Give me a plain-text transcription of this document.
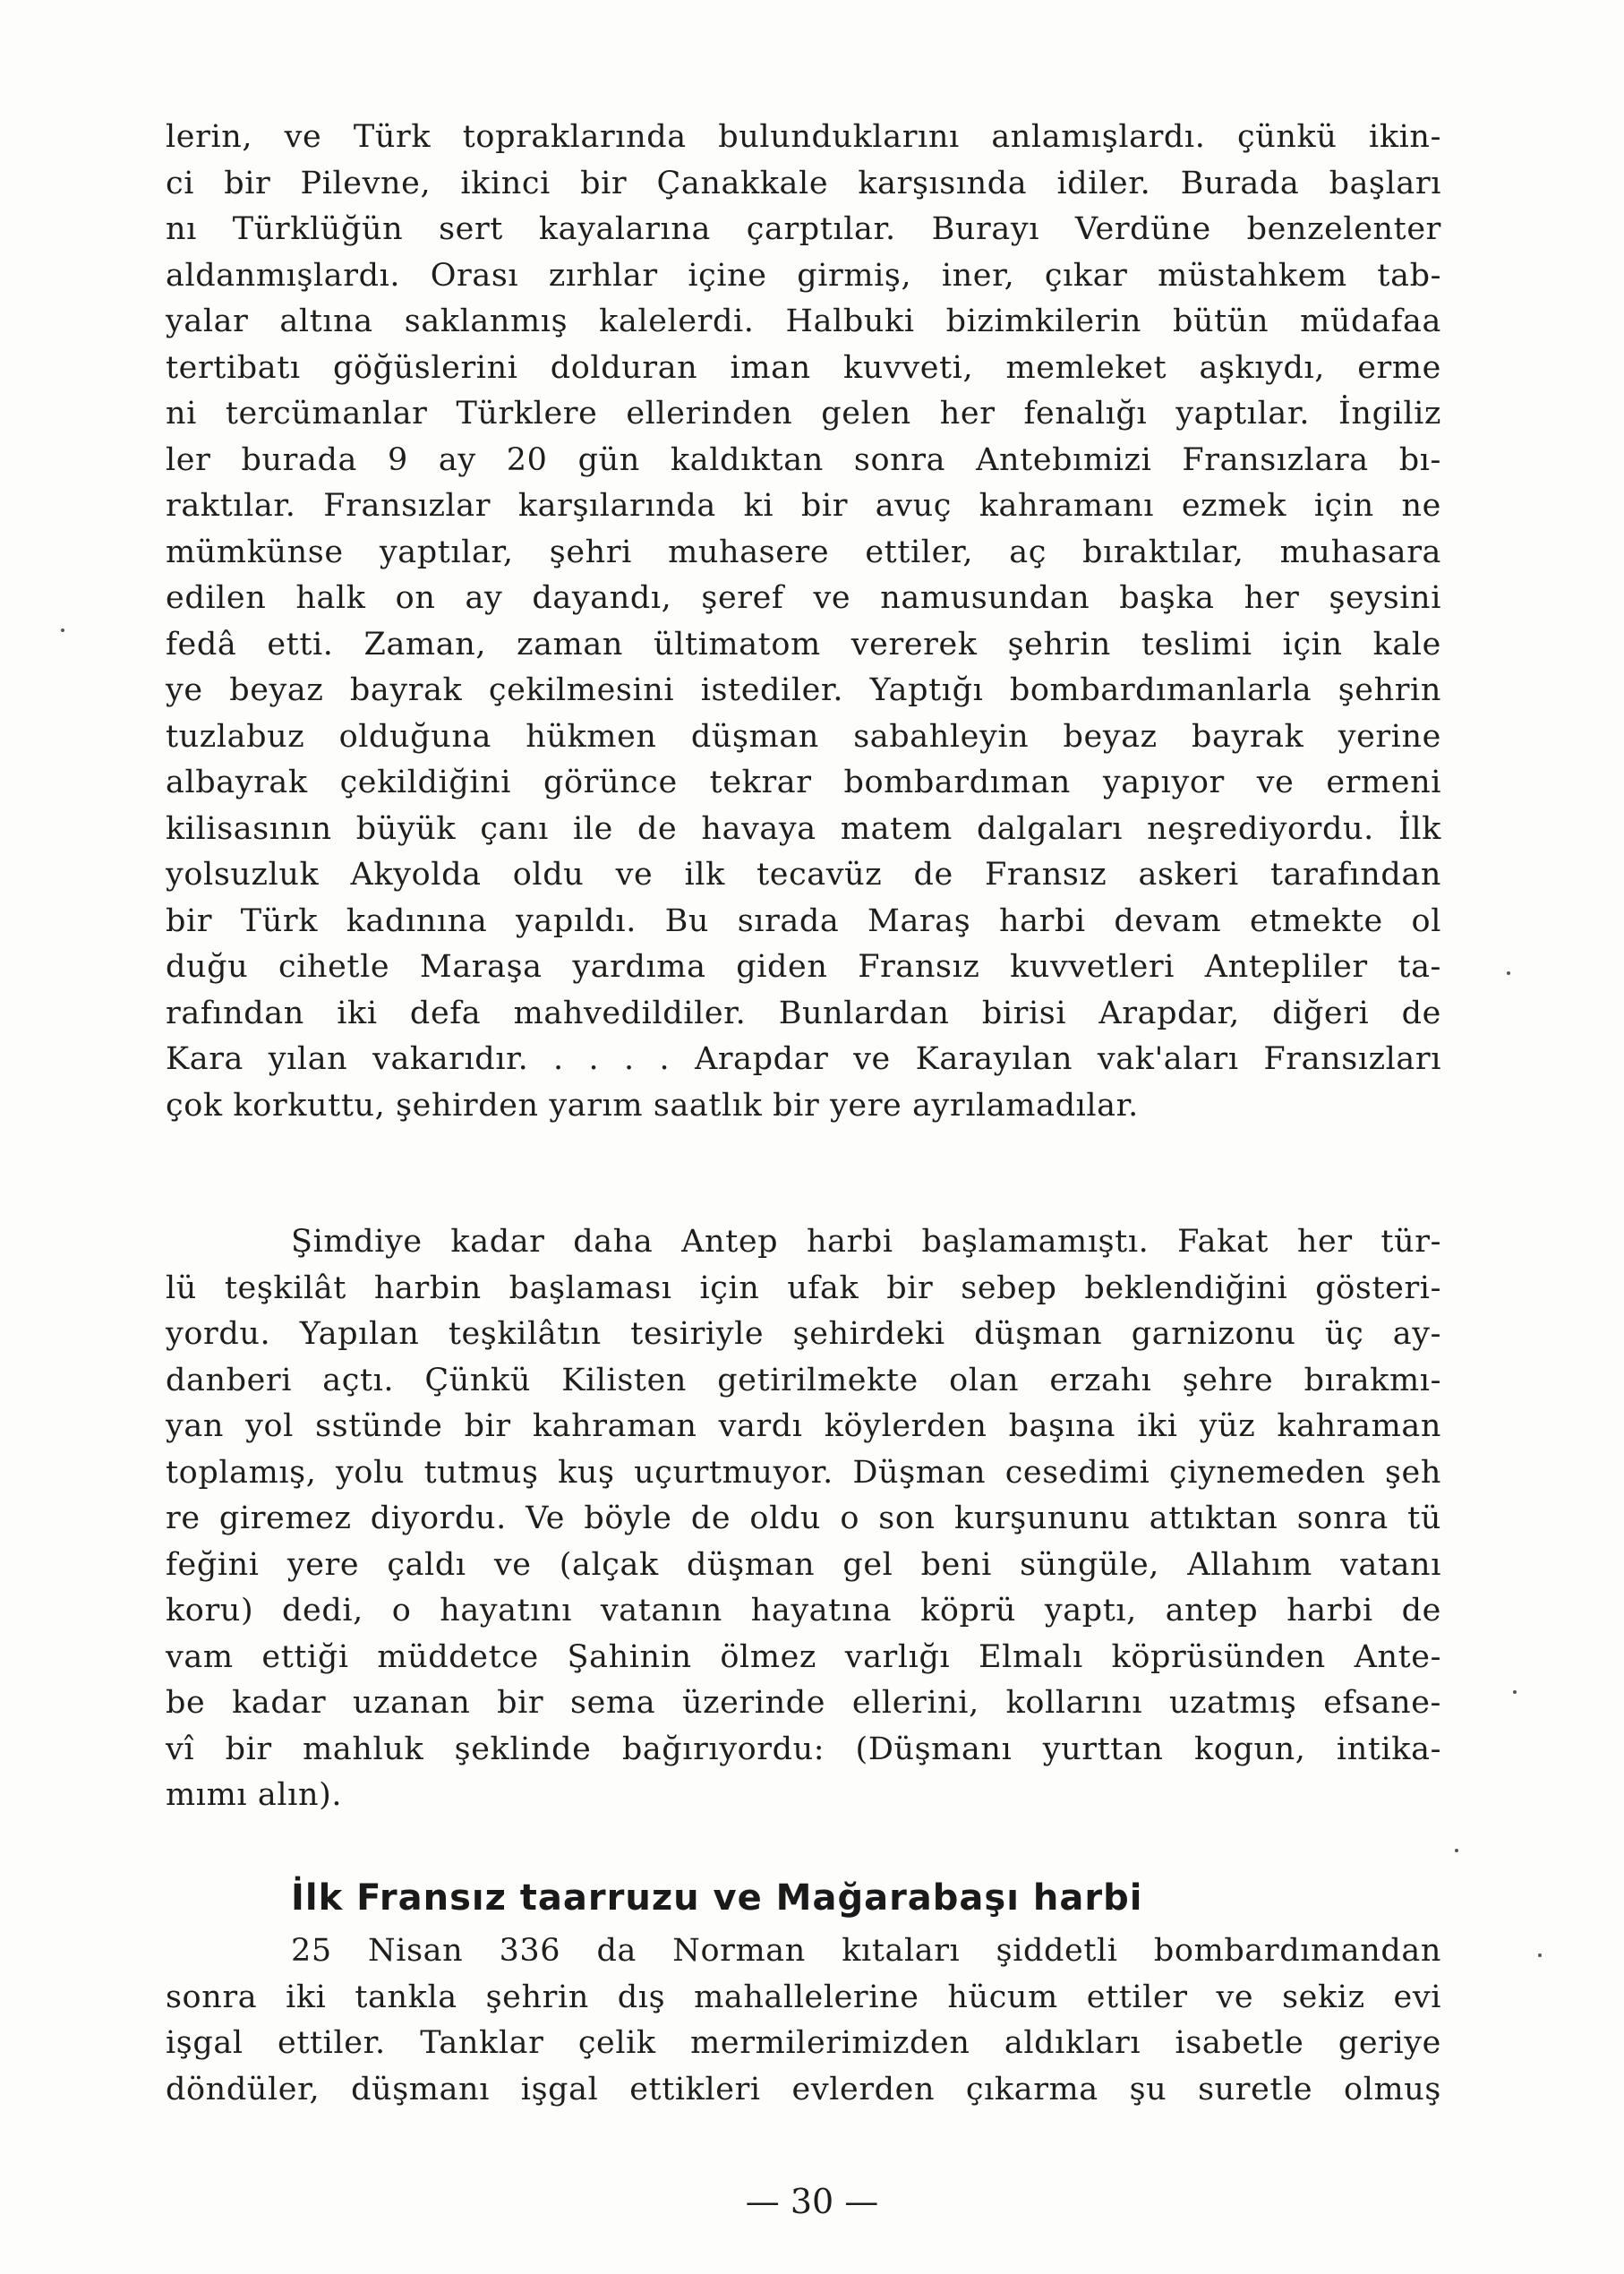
lerin, ve Türk topraklarında bulunduklarını anlamışlardı. çünkü ikin-
ci bir Pilevne, ikinci bir Çanakkale karşısında idiler. Burada başları
nı Türklüğün sert kayalarına çarptılar. Burayı Verdüne benzelenter
aldanmışlardı. Orası zırhlar içine girmiş, iner, çıkar müstahkem tab-
yalar altına saklanmış kalelerdi. Halbuki bizimkilerin bütün müdafaa
tertibatı göğüslerini dolduran iman kuvveti, memleket aşkıydı, erme
ni tercümanlar Türklere ellerinden gelen her fenalığı yaptılar. İngiliz
ler burada 9 ay 20 gün kaldıktan sonra Antebımizi Fransızlara bı-
raktılar. Fransızlar karşılarında ki bir avuç kahramanı ezmek için ne
mümkünse yaptılar, şehri muhasere ettiler, aç bıraktılar, muhasara
edilen halk on ay dayandı, şeref ve namusundan başka her şeysini
fedâ etti. Zaman, zaman ültimatom vererek şehrin teslimi için kale
ye beyaz bayrak çekilmesini istediler. Yaptığı bombardımanlarla şehrin
tuzlabuz olduğuna hükmen düşman sabahleyin beyaz bayrak yerine
albayrak çekildiğini görünce tekrar bombardıman yapıyor ve ermeni
kilisasının büyük çanı ile de havaya matem dalgaları neşrediyordu. İlk
yolsuzluk Akyolda oldu ve ilk tecavüz de Fransız askeri tarafından
bir Türk kadınına yapıldı. Bu sırada Maraş harbi devam etmekte ol
duğu cihetle Maraşa yardıma giden Fransız kuvvetleri Antepliler ta-
rafından iki defa mahvedildiler. Bunlardan birisi Arapdar, diğeri de
Kara yılan vakarıdır. . . . . Arapdar ve Karayılan vak'aları Fransızları
çok korkuttu, şehirden yarım saatlık bir yere ayrılamadılar.
Şimdiye kadar daha Antep harbi başlamamıştı. Fakat her tür-
lü teşkilât harbin başlaması için ufak bir sebep beklendiğini gösteri-
yordu. Yapılan teşkilâtın tesiriyle şehirdeki düşman garnizonu üç ay-
danberi açtı. Çünkü Kilisten getirilmekte olan erzahı şehre bırakmı-
yan yol sstünde bir kahraman vardı köylerden başına iki yüz kahraman
toplamış, yolu tutmuş kuş uçurtmuyor. Düşman cesedimi çiynemeden şeh
re giremez diyordu. Ve böyle de oldu o son kurşununu attıktan sonra tü
feğini yere çaldı ve (alçak düşman gel beni süngüle, Allahım vatanı
koru) dedi, o hayatını vatanın hayatına köprü yaptı, antep harbi de
vam ettiği müddetce Şahinin ölmez varlığı Elmalı köprüsünden Ante-
be kadar uzanan bir sema üzerinde ellerini, kollarını uzatmış efsane-
vî bir mahluk şeklinde bağırıyordu: (Düşmanı yurttan kogun, intika-
mımı alın).
İlk Fransız taarruzu ve Mağarabaşı harbi
25 Nisan 336 da Norman kıtaları şiddetli bombardımandan
sonra iki tankla şehrin dış mahallelerine hücum ettiler ve sekiz evi
işgal ettiler. Tanklar çelik mermilerimizden aldıkları isabetle geriye
döndüler, düşmanı işgal ettikleri evlerden çıkarma şu suretle olmuş
— 30 —
